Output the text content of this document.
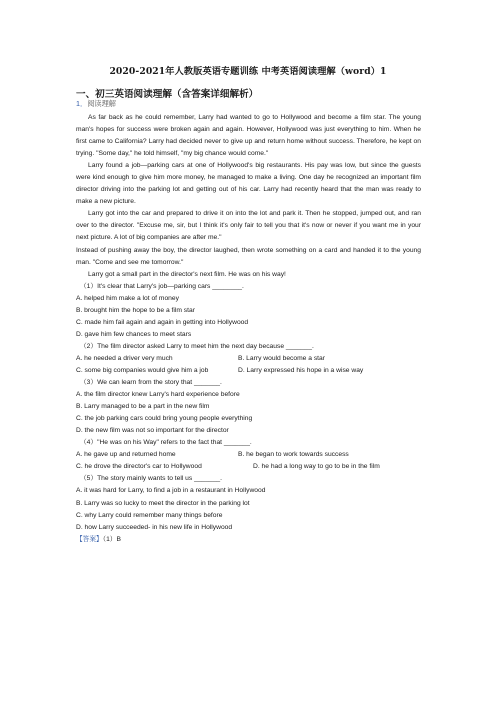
2020-2021年人教版英语专题训练 中考英语阅读理解（word）1
一、初三英语阅读理解（含答案详细解析）
1．阅读理解

As far back as he could remember, Larry had wanted to go to Hollywood and become a film star. The young man's hopes for success were broken again and again. However, Hollywood was just everything to him. When he first came to California? Larry had decided never to give up and return home without success. Therefore, he kept on trying. "Some day," he told himself, "my big chance would come."

Larry found a job—parking cars at one of Hollywood's big restaurants. His pay was low, but since the guests were kind enough to give him more money, he managed to make a living. One day he recognized an important film director driving into the parking lot and getting out of his car. Larry had recently heard that the man was ready to make a new picture.

Larry got into the car and prepared to drive it on into the lot and park it. Then he stopped, jumped out, and ran over to the director. "Excuse me, sir, but I think it's only fair to tell you that it's now or never if you want me in your next picture. A lot of big companies are after me."

Instead of pushing away the boy, the director laughed, then wrote something on a card and handed it to the young man. "Come and see me tomorrow."

Larry got a small part in the director's next film. He was on his way!

（1）It's clear that Larry's job—parking cars ________.

A. helped him make a lot of money

B. brought him the hope to be a film star

C. made him fail again and again in getting into Hollywood

D. gave him few chances to meet stars

（2）The film director asked Larry to meet him the next day because _______.

A. he needed a driver very much	B. Larry would become a star
C. some big companies would give him a job	D. Larry expressed his hope in a wise way

（3）We can learn from the story that _______.

A. the film director knew Larry's hard experience before

B. Larry managed to be a part in the new film

C. the job parking cars could bring young people everything

D. the new film was not so important for the director

（4）"He was on his Way" refers to the fact that _______.

A. he gave up and returned home	B. he began to work towards success
C. he drove the director's car to Hollywood	D. he had a long way to go to be in the film

（5）The story mainly wants to tell us _______.

A. it was hard for Larry, to find a job in a restaurant in Hollywood

B. Larry was so lucky to meet the director in the parking lot

C. why Larry could remember many things before

D. how Larry succeeded- in his new life in Hollywood

【答案】（1）B
